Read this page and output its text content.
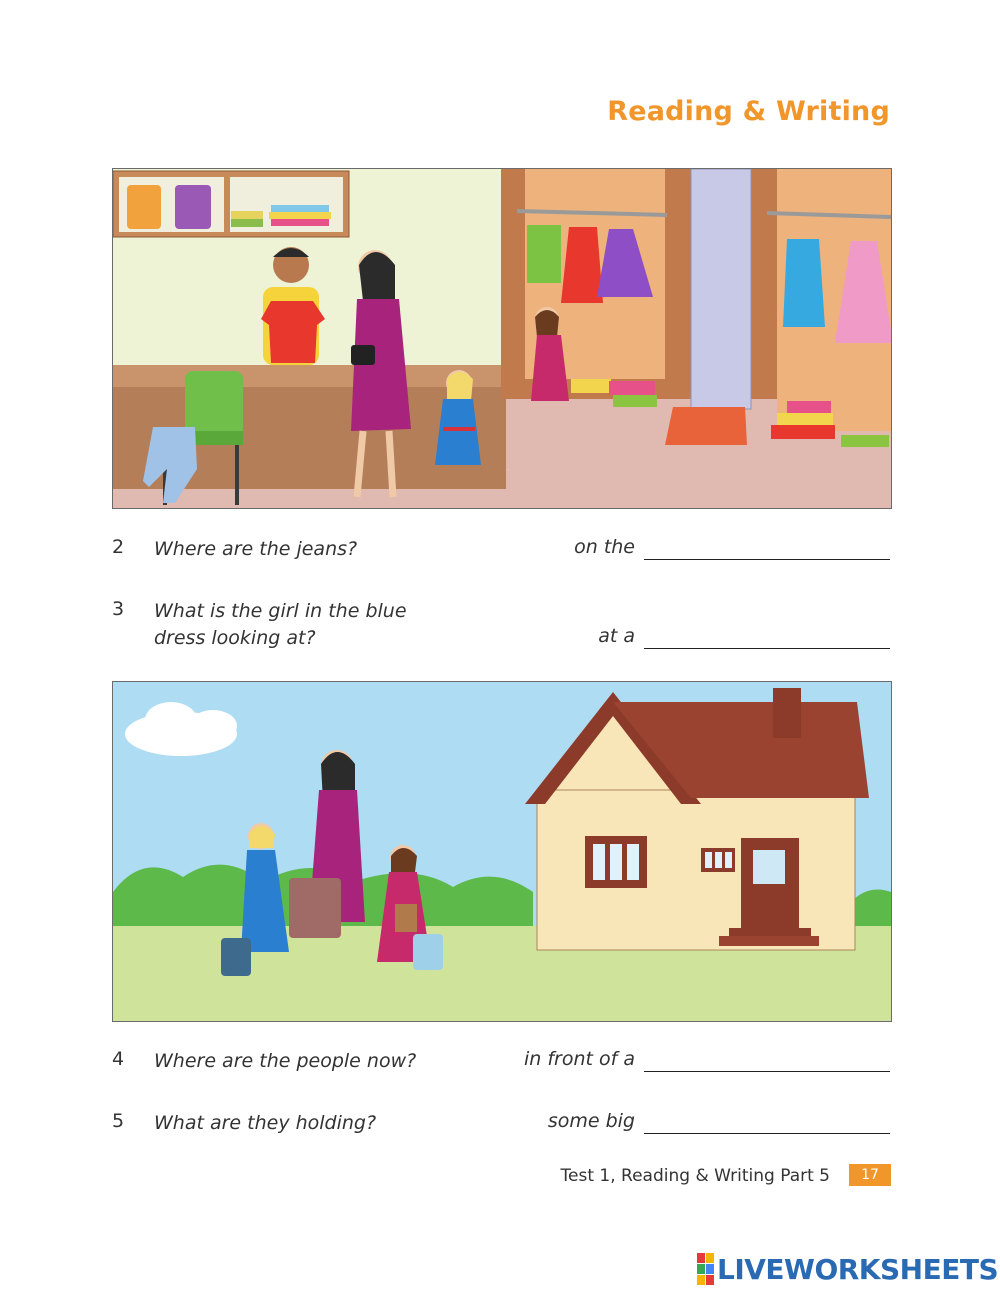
Reading & Writing
2 Where are the jeans?	on the
3 What is the girl in the blue
dress looking at?	at a
4 Where are the people now?	in front of a
5 What are they holding?	some big
Test 1, Reading & Writing Part 5	17
LIVEWORKSHEETS
